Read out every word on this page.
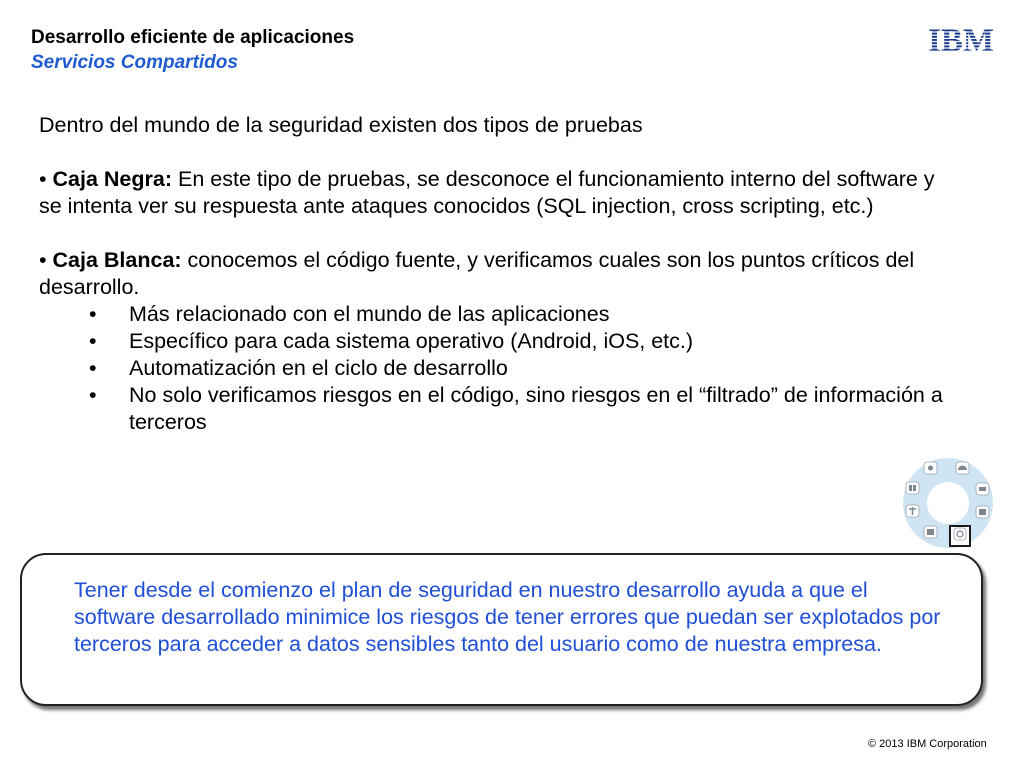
Desarrollo eficiente de aplicaciones
Servicios Compartidos
IBM

Dentro del mundo de la seguridad existen dos tipos de pruebas

• Caja Negra: En este tipo de pruebas, se desconoce el funcionamiento interno del software y se intenta ver su respuesta ante ataques conocidos (SQL injection, cross scripting, etc.)

• Caja Blanca: conocemos el código fuente, y verificamos cuales son los puntos críticos del desarrollo.

• Más relacionado con el mundo de las aplicaciones
• Específico para cada sistema operativo (Android, iOS, etc.)
• Automatización en el ciclo de desarrollo
• No solo verificamos riesgos en el código, sino riesgos en el “filtrado” de información a terceros
Tener desde el comienzo el plan de seguridad en nuestro desarrollo ayuda a que el software desarrollado minimice los riesgos de tener errores que puedan ser explotados por terceros para acceder a datos sensibles tanto del usuario como de nuestra empresa.
© 2013 IBM Corporation
